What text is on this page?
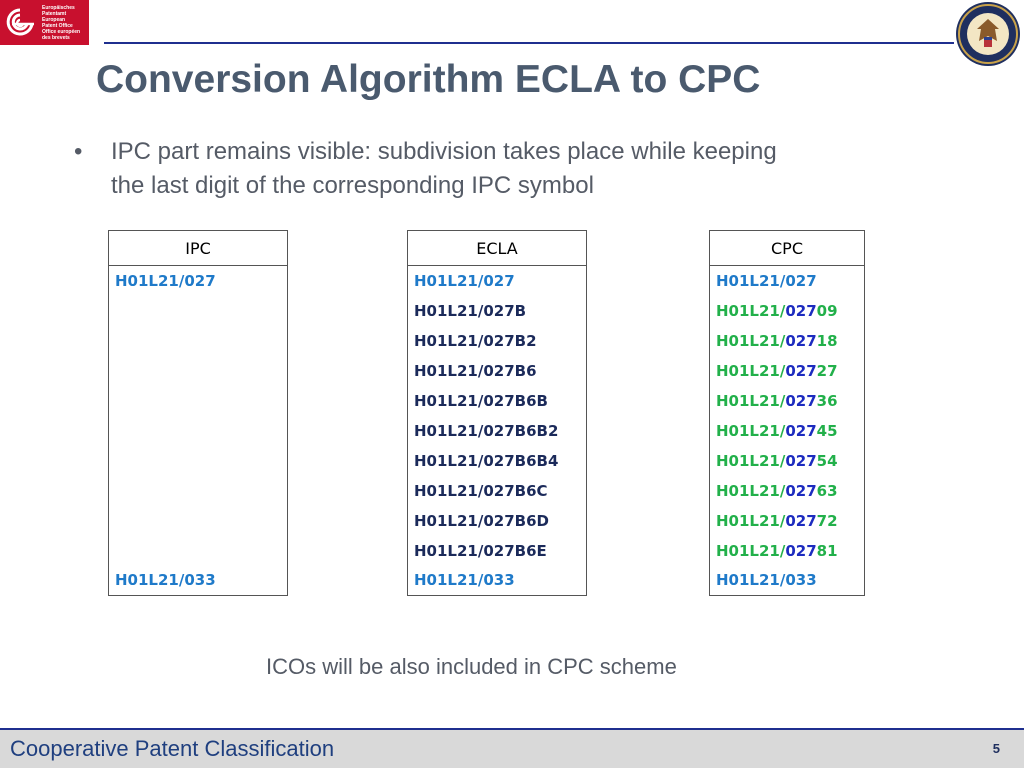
Europäisches
Patentamt
European
Patent Office
Office européen
des brevets
Conversion Algorithm ECLA to CPC
• IPC part remains visible: subdivision takes place while keeping
the last digit of the corresponding IPC symbol
IPC
H01L21/027

H01L21/033
ECLA
H01L21/027
H01L21/027B
H01L21/027B2
H01L21/027B6
H01L21/027B6B
H01L21/027B6B2
H01L21/027B6B4
H01L21/027B6C
H01L21/027B6D
H01L21/027B6E
H01L21/033
CPC
H01L21/027
H01L21/02709
H01L21/02718
H01L21/02727
H01L21/02736
H01L21/02745
H01L21/02754
H01L21/02763
H01L21/02772
H01L21/02781
H01L21/033
ICOs will be also included in CPC scheme
Cooperative Patent Classification	5
